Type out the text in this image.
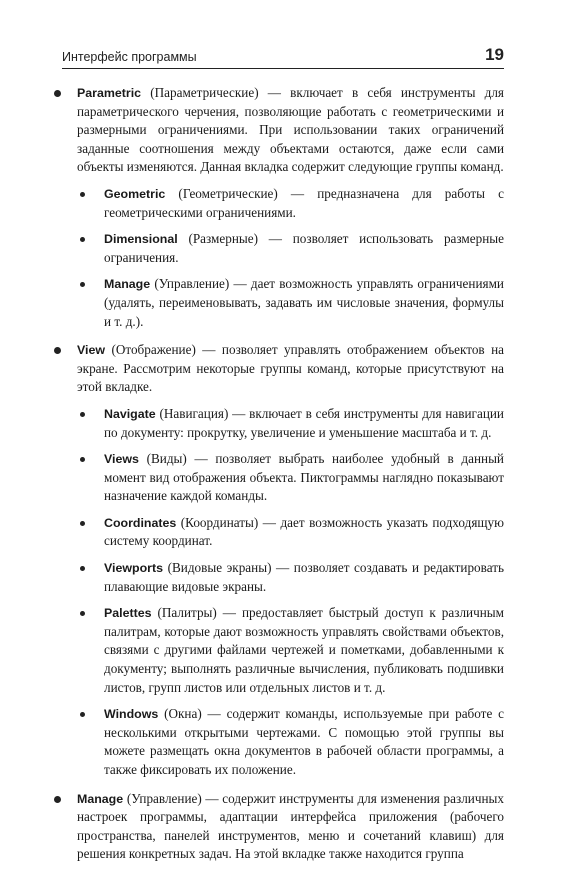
Интерфейс программы	19
Parametric (Параметрические) — включает в себя инструменты для параметрического черчения, позволяющие работать с геометрическими и размерными ограничениями. При использовании таких ограничений заданные соотношения между объектами остаются, даже если сами объекты изменяются. Данная вкладка содержит следующие группы команд.
Geometric (Геометрические) — предназначена для работы с геометрическими ограничениями.
Dimensional (Размерные) — позволяет использовать размерные ограничения.
Manage (Управление) — дает возможность управлять ограничениями (удалять, переименовывать, задавать им числовые значения, формулы и т. д.).
View (Отображение) — позволяет управлять отображением объектов на экране. Рассмотрим некоторые группы команд, которые присутствуют на этой вкладке.
Navigate (Навигация) — включает в себя инструменты для навигации по документу: прокрутку, увеличение и уменьшение масштаба и т. д.
Views (Виды) — позволяет выбрать наиболее удобный в данный момент вид отображения объекта. Пиктограммы наглядно показывают назначение каждой команды.
Coordinates (Координаты) — дает возможность указать подходящую систему координат.
Viewports (Видовые экраны) — позволяет создавать и редактировать плавающие видовые экраны.
Palettes (Палитры) — предоставляет быстрый доступ к различным палитрам, которые дают возможность управлять свойствами объектов, связями с другими файлами чертежей и пометками, добавленными к документу; выполнять различные вычисления, публиковать подшивки листов, групп листов или отдельных листов и т. д.
Windows (Окна) — содержит команды, используемые при работе с несколькими открытыми чертежами. С помощью этой группы вы можете размещать окна документов в рабочей области программы, а также фиксировать их положение.
Manage (Управление) — содержит инструменты для изменения различных настроек программы, адаптации интерфейса приложения (рабочего пространства, панелей инструментов, меню и сочетаний клавиш) для решения конкретных задач. На этой вкладке также находится группа
